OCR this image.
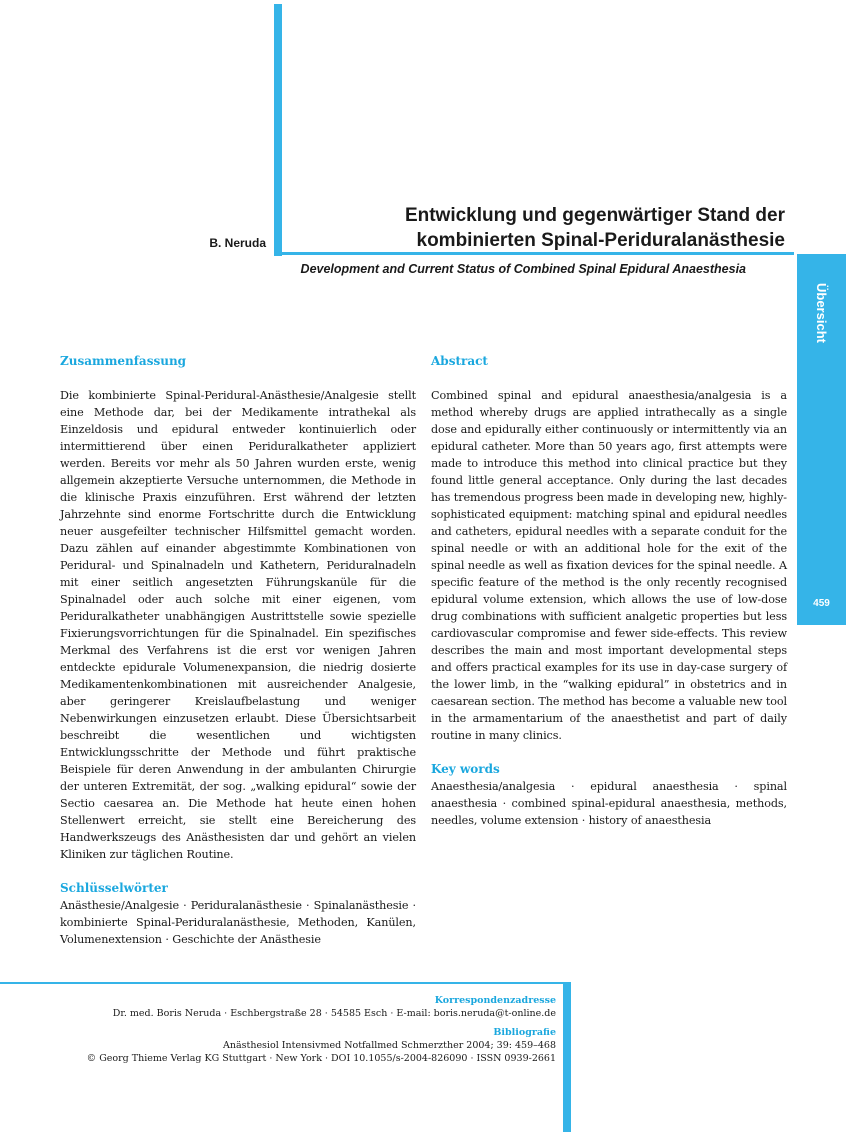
B. Neruda
Entwicklung und gegenwärtiger Stand der
kombinierten Spinal-Periduralanästhesie
Development and Current Status of Combined Spinal Epidural Anaesthesia
Übersicht
459

Zusammenfassung

Die kombinierte Spinal-Peridural-Anästhesie/Analgesie stellt eine Methode dar, bei der Medikamente intrathekal als Einzeldosis und epidural entweder kontinuierlich oder intermittierend über einen Periduralkatheter appliziert werden. Bereits vor mehr als 50 Jahren wurden erste, wenig allgemein akzeptierte Versuche unternommen, die Methode in die klinische Praxis einzuführen. Erst während der letzten Jahrzehnte sind enorme Fortschritte durch die Entwicklung neuer ausgefeilter technischer Hilfsmittel gemacht worden. Dazu zählen auf einander abgestimmte Kombinationen von Peridural- und Spinalnadeln und Kathetern, Periduralnadeln mit einer seitlich angesetzten Führungskanüle für die Spinalnadel oder auch solche mit einer eigenen, vom Periduralkatheter unabhängigen Austrittstelle sowie spezielle Fixierungsvorrichtungen für die Spinalnadel. Ein spezifisches Merkmal des Verfahrens ist die erst vor wenigen Jahren entdeckte epidurale Volumenexpansion, die niedrig dosierte Medikamentenkombinationen mit ausreichender Analgesie, aber geringerer Kreislaufbelastung und weniger Nebenwirkungen einzusetzen erlaubt. Diese Übersichtsarbeit beschreibt die wesentlichen und wichtigsten Entwicklungsschritte der Methode und führt praktische Beispiele für deren Anwendung in der ambulanten Chirurgie der unteren Extremität, der sog. „walking epidural“ sowie der Sectio caesarea an. Die Methode hat heute einen hohen Stellenwert erreicht, sie stellt eine Bereicherung des Handwerkszeugs des Anästhesisten dar und gehört an vielen Kliniken zur täglichen Routine.

Schlüsselwörter

Anästhesie/Analgesie · Periduralanästhesie · Spinalanästhesie · kombinierte Spinal-Periduralanästhesie, Methoden, Kanülen, Volumenextension · Geschichte der Anästhesie

Abstract

Combined spinal and epidural anaesthesia/analgesia is a method whereby drugs are applied intrathecally as a single dose and epidurally either continuously or intermittently via an epidural catheter. More than 50 years ago, first attempts were made to introduce this method into clinical practice but they found little general acceptance. Only during the last decades has tremendous progress been made in developing new, highly-sophisticated equipment: matching spinal and epidural needles and catheters, epidural needles with a separate conduit for the spinal needle or with an additional hole for the exit of the spinal needle as well as fixation devices for the spinal needle. A specific feature of the method is the only recently recognised epidural volume extension, which allows the use of low-dose drug combinations with sufficient analgetic properties but less cardiovascular compromise and fewer side-effects. This review describes the main and most important developmental steps and offers practical examples for its use in day-case surgery of the lower limb, in the “walking epidural” in obstetrics and in caesarean section. The method has become a valuable new tool in the armamentarium of the anaesthetist and part of daily routine in many clinics.

Key words

Anaesthesia/analgesia · epidural anaesthesia · spinal anaesthesia · combined spinal-epidural anaesthesia, methods, needles, volume extension · history of anaesthesia

Korrespondenzadresse
Dr. med. Boris Neruda · Eschbergstraße 28 · 54585 Esch · E-mail: boris.neruda@t-online.de
Bibliografie
Anästhesiol Intensivmed Notfallmed Schmerzther 2004; 39: 459–468
© Georg Thieme Verlag KG Stuttgart · New York · DOI 10.1055/s-2004-826090 · ISSN 0939-2661
